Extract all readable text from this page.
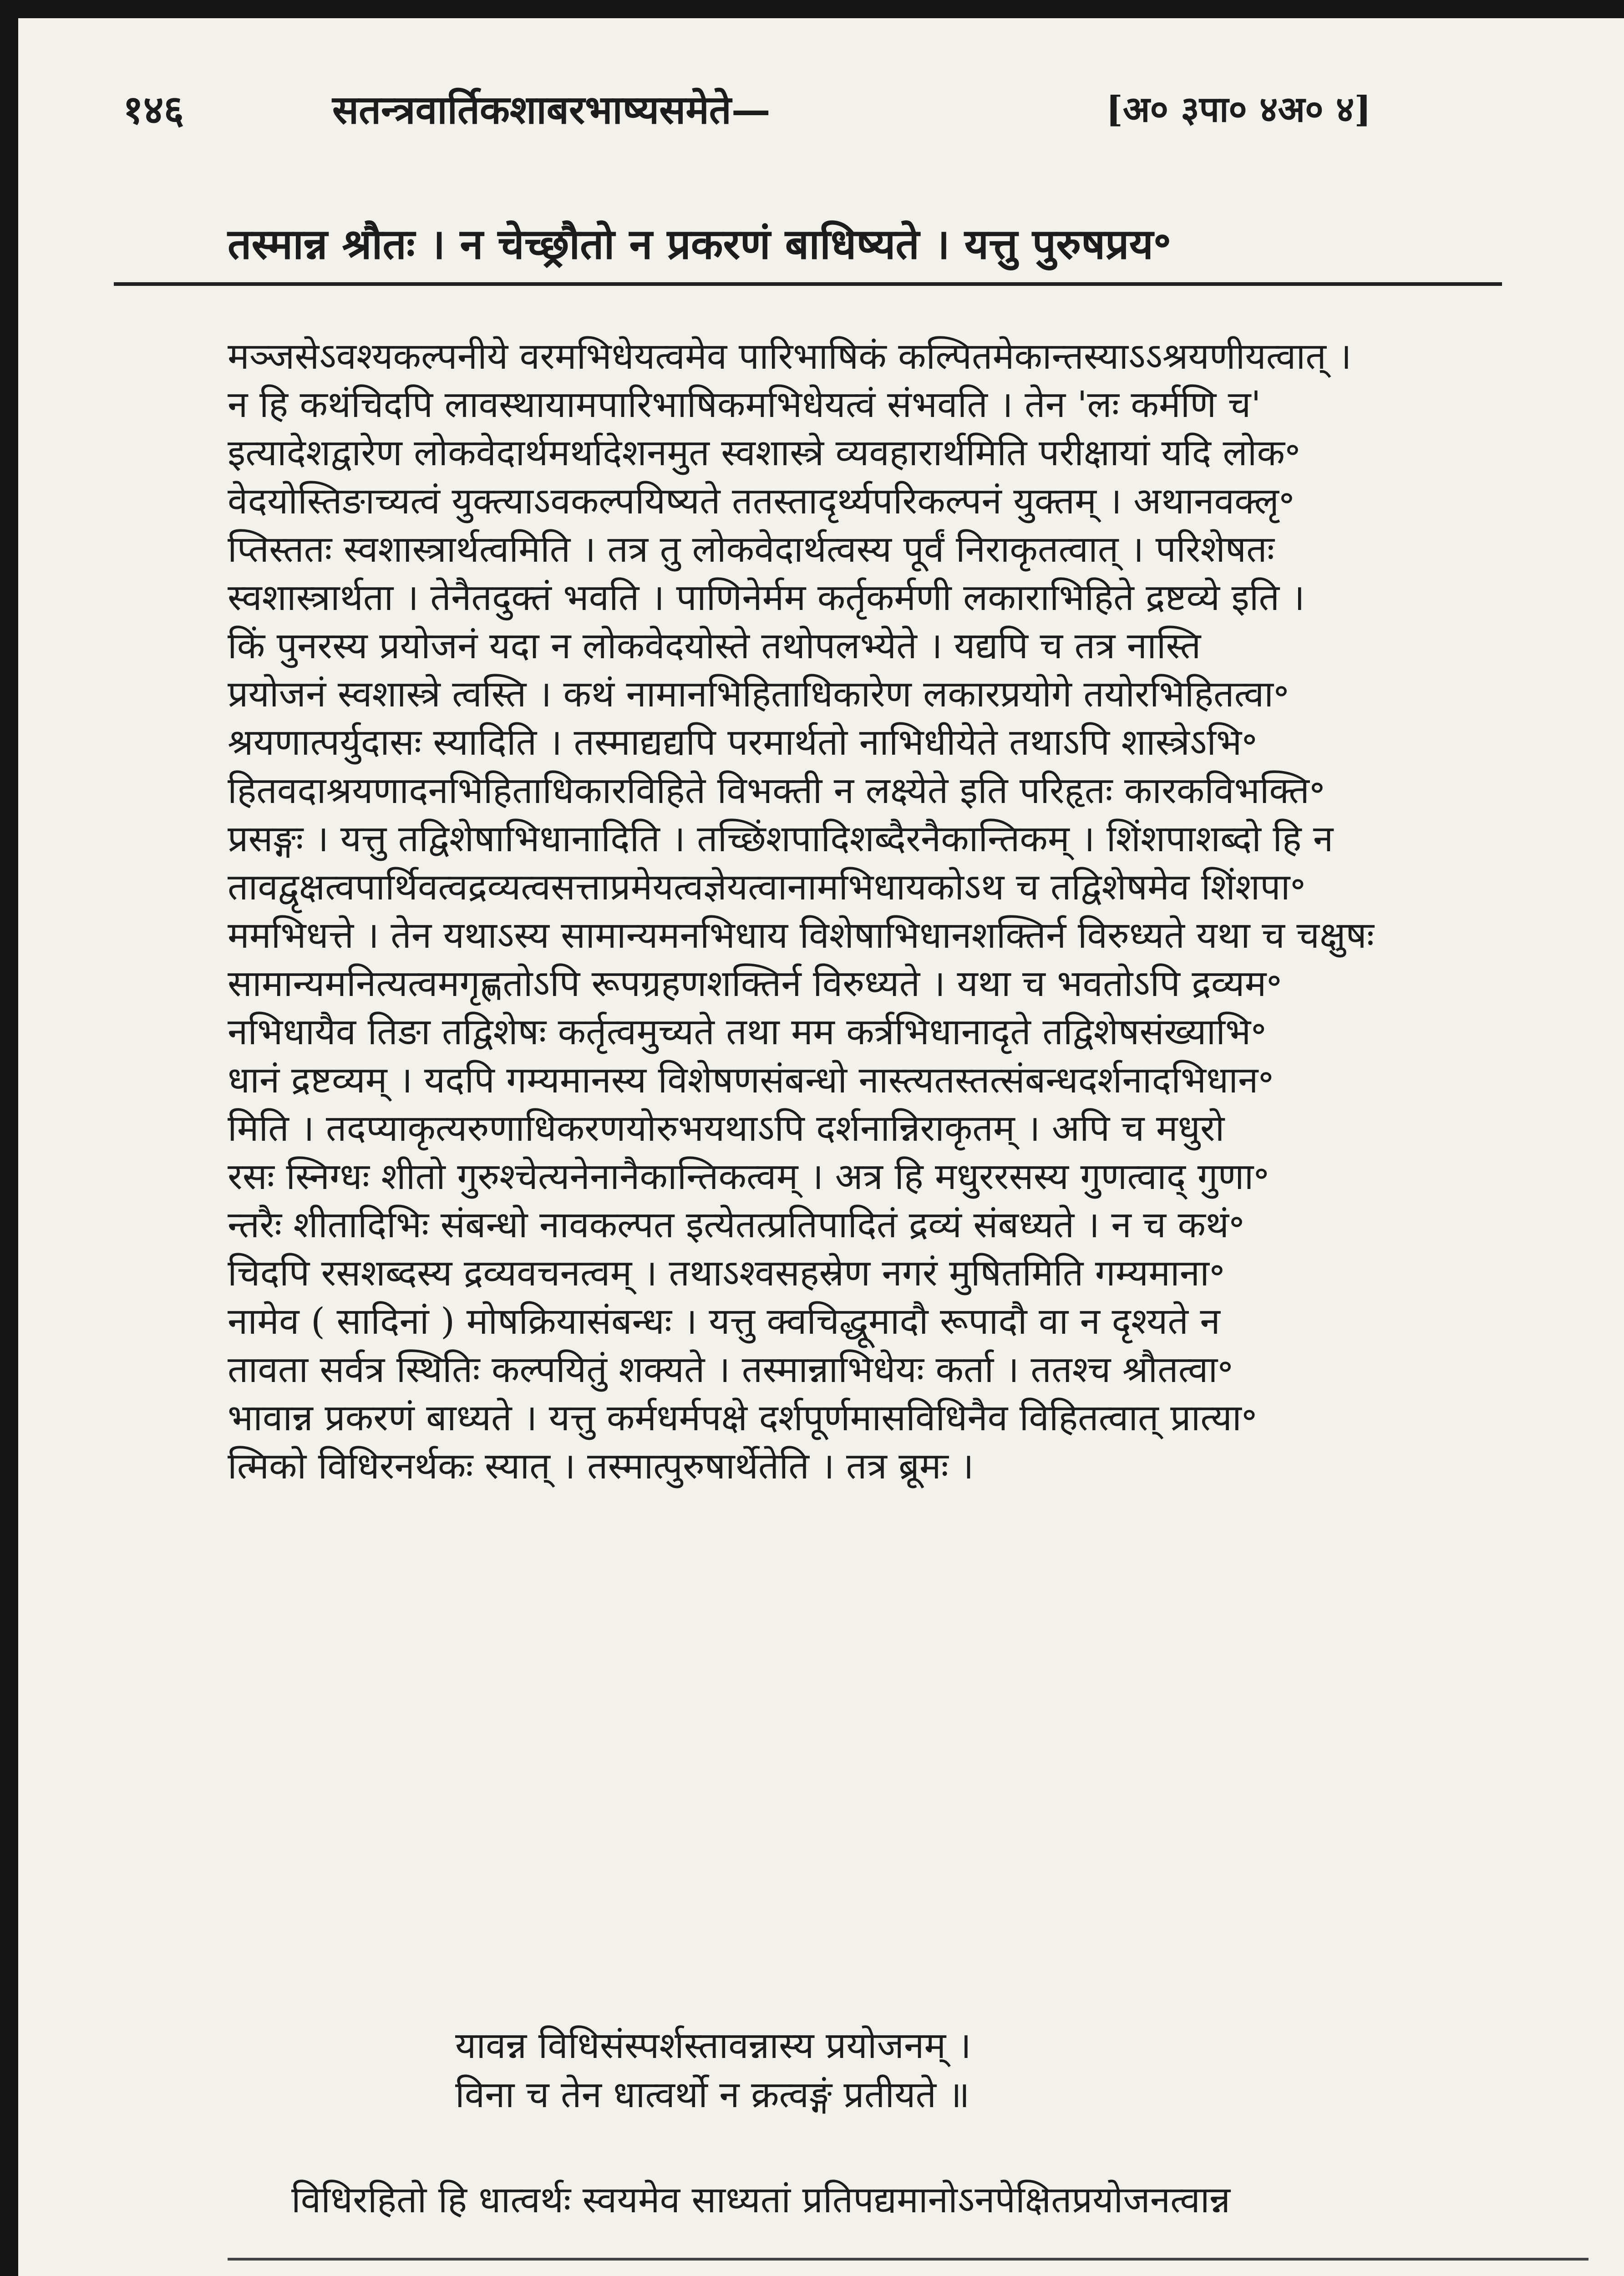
१४६	सतन्त्रवार्तिकशाबरभाष्यसमेते—	[अ० ३पा० ४अ० ४]
तस्मान्न श्रौतः । न चेच्छ्रौतो न प्रकरणं बाधिष्यते । यत्तु पुरुषप्रय॰

मञ्जसेऽवश्यकल्पनीये वरमभिधेयत्वमेव पारिभाषिकं कल्पितमेकान्तस्याऽऽश्रयणीयत्वात् ।

न हि कथंचिदपि लावस्थायामपारिभाषिकमभिधेयत्वं संभवति । तेन 'लः कर्मणि च'

इत्यादेशद्वारेण लोकवेदार्थमर्थादेशनमुत स्वशास्त्रे व्यवहारार्थमिति परीक्षायां यदि लोक॰

वेदयोस्तिङाच्यत्वं युक्त्याऽवकल्पयिष्यते ततस्तादृर्थ्यपरिकल्पनं युक्तम् । अथानवक्लृ॰

प्तिस्ततः स्वशास्त्रार्थत्वमिति । तत्र तु लोकवेदार्थत्वस्य पूर्वं निराकृतत्वात् । परिशेषतः

स्वशास्त्रार्थता । तेनैतदुक्तं भवति । पाणिनेर्मम कर्तृकर्मणी लकाराभिहिते द्रष्टव्ये इति ।

किं पुनरस्य प्रयोजनं यदा न लोकवेदयोस्ते तथोपलभ्येते । यद्यपि च तत्र नास्ति

प्रयोजनं स्वशास्त्रे त्वस्ति । कथं नामानभिहिताधिकारेण लकारप्रयोगे तयोरभिहितत्वा॰

श्रयणात्पर्युदासः स्यादिति । तस्माद्यद्यपि परमार्थतो नाभिधीयेते तथाऽपि शास्त्रेऽभि॰

हितवदाश्रयणादनभिहिताधिकारविहिते विभक्ती न लक्ष्येते इति परिहृतः कारकविभक्ति॰

प्रसङ्गः । यत्तु तद्विशेषाभिधानादिति । तच्छिंशपादिशब्दैरनैकान्तिकम् । शिंशपाशब्दो हि न

तावद्वृक्षत्वपार्थिवत्वद्रव्यत्वसत्ताप्रमेयत्वज्ञेयत्वानामभिधायकोऽथ च तद्विशेषमेव शिंशपा॰

ममभिधत्ते । तेन यथाऽस्य सामान्यमनभिधाय विशेषाभिधानशक्तिर्न विरुध्यते यथा च चक्षुषः

सामान्यमनित्यत्वमगृह्णतोऽपि रूपग्रहणशक्तिर्न विरुध्यते । यथा च भवतोऽपि द्रव्यम॰

नभिधायैव तिङा तद्विशेषः कर्तृत्वमुच्यते तथा मम कर्त्रभिधानादृते तद्विशेषसंख्याभि॰

धानं द्रष्टव्यम् । यदपि गम्यमानस्य विशेषणसंबन्धो नास्त्यतस्तत्संबन्धदर्शनादभिधान॰

मिति । तदप्याकृत्यरुणाधिकरणयोरुभयथाऽपि दर्शनान्निराकृतम् । अपि च मधुरो

रसः स्निग्धः शीतो गुरुश्चेत्यनेनानैकान्तिकत्वम् । अत्र हि मधुररसस्य गुणत्वाद् गुणा॰

न्तरैः शीतादिभिः संबन्धो नावकल्पत इत्येतत्प्रतिपादितं द्रव्यं संबध्यते । न च कथं॰

चिदपि रसशब्दस्य द्रव्यवचनत्वम् । तथाऽश्वसहस्रेण नगरं मुषितमिति गम्यमाना॰

नामेव ( सादिनां ) मोषक्रियासंबन्धः । यत्तु क्वचिद्धूमादौ रूपादौ वा न दृश्यते न

तावता सर्वत्र स्थितिः कल्पयितुं शक्यते । तस्मान्नाभिधेयः कर्ता । ततश्च श्रौतत्वा॰

भावान्न प्रकरणं बाध्यते । यत्तु कर्मधर्मपक्षे दर्शपूर्णमासविधिनैव विहितत्वात् प्रात्या॰

त्मिको विधिरनर्थकः स्यात् । तस्मात्पुरुषार्थेतेति । तत्र ब्रूमः ।

यावन्न विधिसंस्पर्शस्तावन्नास्य प्रयोजनम् ।

विना च तेन धात्वर्थो न क्रत्वङ्गं प्रतीयते ॥

विधिरहितो हि धात्वर्थः स्वयमेव साध्यतां प्रतिपद्यमानोऽनपेक्षितप्रयोजनत्वान्न
